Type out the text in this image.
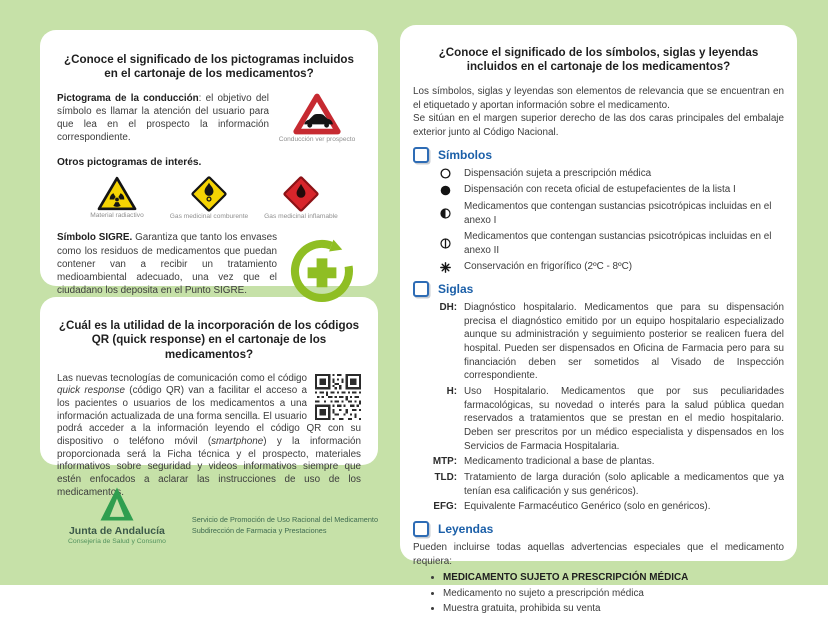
¿Conoce el significado de los pictogramas incluidos en el cartonaje de los medicamentos?
Conducción ver prospecto

Pictograma de la conducción: el objetivo del símbolo es llamar la atención del usuario para que lea en el prospecto la información correspondiente.

Otros pictogramas de interés.
Material radiactivo	Gas medicinal comburente	Gas medicinal inflamable

Símbolo SIGRE. Garantiza que tanto los envases como los residuos de medicamentos que puedan contener van a recibir un tratamiento medioambiental adecuado, una vez que el ciudadano los deposita en el Punto SIGRE.

¿Cuál es la utilidad de la incorporación de los códigos QR (quick response) en el cartonaje de los medicamentos?

Las nuevas tecnologías de comunicación como el código quick response (código QR) van a facilitar el acceso a los pacientes o usuarios de los medicamentos a una información actualizada de una forma sencilla. El usuario podrá acceder a la información leyendo el código QR con su dispositivo o teléfono móvil (smartphone) y la información proporcionada será la Ficha técnica y el prospecto, materiales informativos sobre seguridad y videos informativos siempre que estén enfocados a aclarar las instrucciones de uso de los medicamentos.

Junta de Andalucía
Consejería de Salud y Consumo
Servicio de Promoción de Uso Racional del Medicamento
Subdirección de Farmacia y Prestaciones
¿Conoce el significado de los símbolos, siglas y leyendas incluidos en el cartonaje de los medicamentos?

Los símbolos, siglas y leyendas son elementos de relevancia que se encuentran en el etiquetado y aportan información sobre el medicamento.

Se sitúan en el margen superior derecho de las dos caras principales del embalaje exterior junto al Código Nacional.

Símbolos
Dispensación sujeta a prescripción médica
Dispensación con receta oficial de estupefacientes de la lista I
Medicamentos que contengan sustancias psicotrópicas incluidas en el anexo I
Medicamentos que contengan sustancias psicotrópicas incluidas en el anexo II
Conservación en frigorífico (2ºC - 8ºC)
Siglas
DH: Diagnóstico hospitalario. Medicamentos que para su dispensación precisa el diagnóstico emitido por un equipo hospitalario especializado aunque su administración y seguimiento posterior se realicen fuera del hospital. Pueden ser dispensados en Oficina de Farmacia pero para su financiación deben ser sometidos al Visado de Inspección correspondiente.
H: Uso Hospitalario. Medicamentos que por sus peculiaridades farmacológicas, su novedad o interés para la salud pública quedan reservados a tratamientos que se prestan en el medio hospitalario. Deben ser prescritos por un médico especialista y dispensados en los Servicios de Farmacia Hospitalaria.
MTP: Medicamento tradicional a base de plantas.
TLD: Tratamiento de larga duración (solo aplicable a medicamentos que ya tenían esa calificación y sus genéricos).
EFG: Equivalente Farmacéutico Genérico (solo en genéricos).
Leyendas

Pueden incluirse todas aquellas advertencias especiales que el medicamento requiera:

• MEDICAMENTO SUJETO A PRESCRIPCIÓN MÉDICA
• Medicamento no sujeto a prescripción médica
• Muestra gratuita, prohibida su venta
